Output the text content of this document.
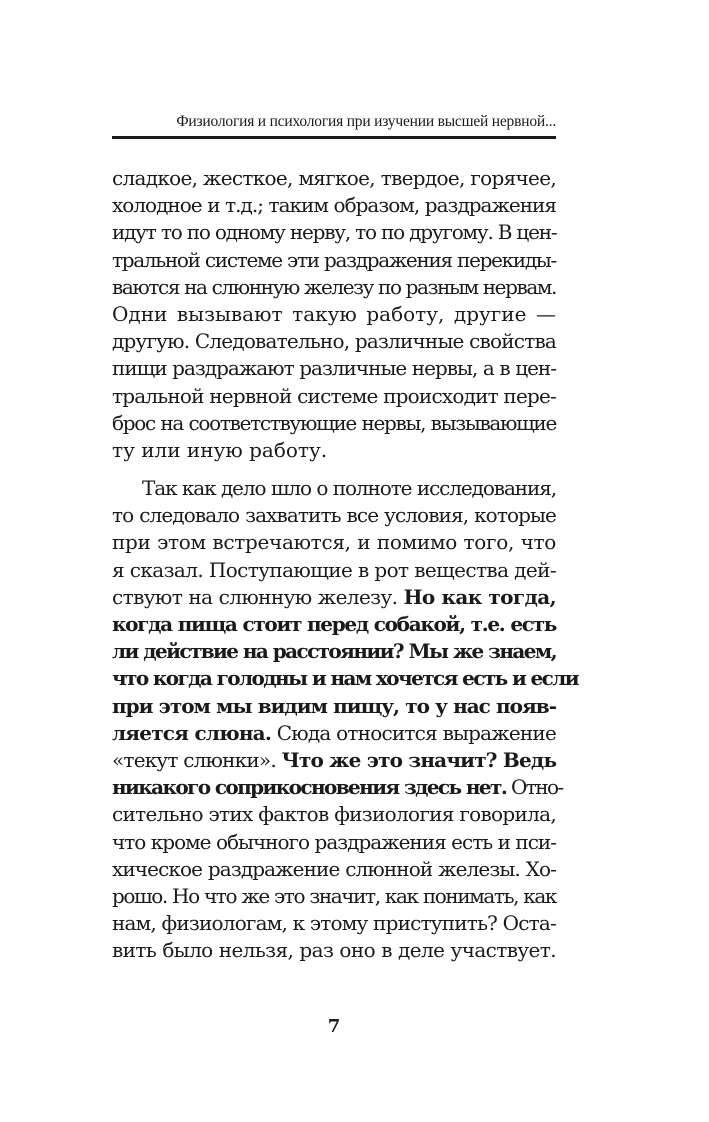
Физиология и психология при изучении высшей нервной...
сладкое, жесткое, мягкое, твердое, горячее,
холодное и т.д.; таким образом, раздражения
идут то по одному нерву, то по другому. В цен-
тральной системе эти раздражения перекиды-
ваются на слюнную железу по разным нервам.
Одни вызывают такую работу, другие —
другую. Следовательно, различные свойства
пищи раздражают различные нервы, а в цен-
тральной нервной системе происходит пере-
брос на соответствующие нервы, вызывающие
ту или иную работу.
Так как дело шло о полноте исследования,
то следовало захватить все условия, которые
при этом встречаются, и помимо того, что
я сказал. Поступающие в рот вещества дей-
ствуют на слюнную железу. Но как тогда,
когда пища стоит перед собакой, т.е. есть
ли действие на расстоянии? Мы же знаем,
что когда голодны и нам хочется есть и если
при этом мы видим пищу, то у нас появ-
ляется слюна. Сюда относится выражение
«текут слюнки». Что же это значит? Ведь
никакого соприкосновения здесь нет. Отно-
сительно этих фактов физиология говорила,
что кроме обычного раздражения есть и пси-
хическое раздражение слюнной железы. Хо-
рошо. Но что же это значит, как понимать, как
нам, физиологам, к этому приступить? Оста-
вить было нельзя, раз оно в деле участвует.
7
